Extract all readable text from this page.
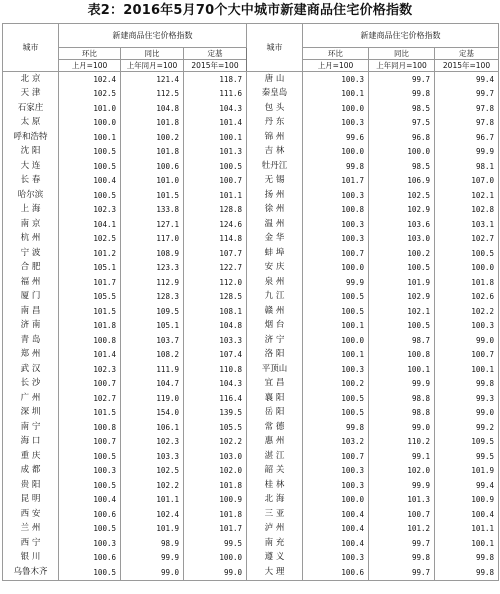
表2：2016年5月70个大中城市新建商品住宅价格指数
城市	新建商品住宅价格指数			城市	新建商品住宅价格指数		
	环比	同比	定基		环比	同比	定基
	上月=100	上年同月=100	2015年=100		上月=100	上年同月=100	2015年=100
北 京	102.4	121.4	118.7	唐 山	100.3	99.7	99.4
天 津	102.5	112.5	111.6	秦皇岛	100.1	99.8	99.7
石家庄	101.0	104.8	104.3	包 头	100.0	98.5	97.8
太 原	100.0	101.8	101.4	丹 东	100.3	97.5	97.8
呼和浩特	100.1	100.2	100.1	锦 州	99.6	96.8	96.7
沈 阳	100.5	101.8	101.3	吉 林	100.0	100.0	99.9
大 连	100.5	100.6	100.5	牡丹江	99.8	98.5	98.1
长 春	100.4	101.0	100.7	无 锡	101.7	106.9	107.0
哈尔滨	100.5	101.5	101.1	扬 州	100.3	102.5	102.1
上 海	102.3	133.8	128.8	徐 州	100.8	102.9	102.8
南 京	104.1	127.1	124.6	温 州	100.3	103.6	103.1
杭 州	102.5	117.0	114.8	金 华	100.3	103.0	102.7
宁 波	101.2	108.9	107.7	蚌 埠	100.7	100.2	100.5
合 肥	105.1	123.3	122.7	安 庆	100.0	100.5	100.0
福 州	101.7	112.9	112.0	泉 州	99.9	101.9	101.8
厦 门	105.5	128.3	128.5	九 江	100.5	102.9	102.6
南 昌	101.5	109.5	108.1	赣 州	100.5	102.1	102.2
济 南	101.8	105.1	104.8	烟 台	100.1	100.5	100.3
青 岛	100.8	103.7	103.3	济 宁	100.0	98.7	99.0
郑 州	101.4	108.2	107.4	洛 阳	100.1	100.8	100.7
武 汉	102.3	111.9	110.8	平顶山	100.3	100.1	100.1
长 沙	100.7	104.7	104.3	宜 昌	100.2	99.9	99.8
广 州	102.7	119.0	116.4	襄 阳	100.5	98.8	99.3
深 圳	101.5	154.0	139.5	岳 阳	100.5	98.8	99.0
南 宁	100.8	106.1	105.5	常 德	99.8	99.0	99.2
海 口	100.7	102.3	102.2	惠 州	103.2	110.2	109.5
重 庆	100.5	103.3	103.0	湛 江	100.7	99.1	99.5
成 都	100.3	102.5	102.0	韶 关	100.3	102.0	101.9
贵 阳	100.5	102.2	101.8	桂 林	100.3	99.9	99.4
昆 明	100.4	101.1	100.9	北 海	100.0	101.3	100.9
西 安	100.6	102.4	101.8	三 亚	100.4	100.7	100.4
兰 州	100.5	101.9	101.7	泸 州	100.4	101.2	101.1
西 宁	100.3	98.9	99.5	南 充	100.4	99.7	100.1
银 川	100.6	99.9	100.0	遵 义	100.3	99.8	99.8
乌鲁木齐	100.5	99.0	99.0	大 理	100.6	99.7	99.8
